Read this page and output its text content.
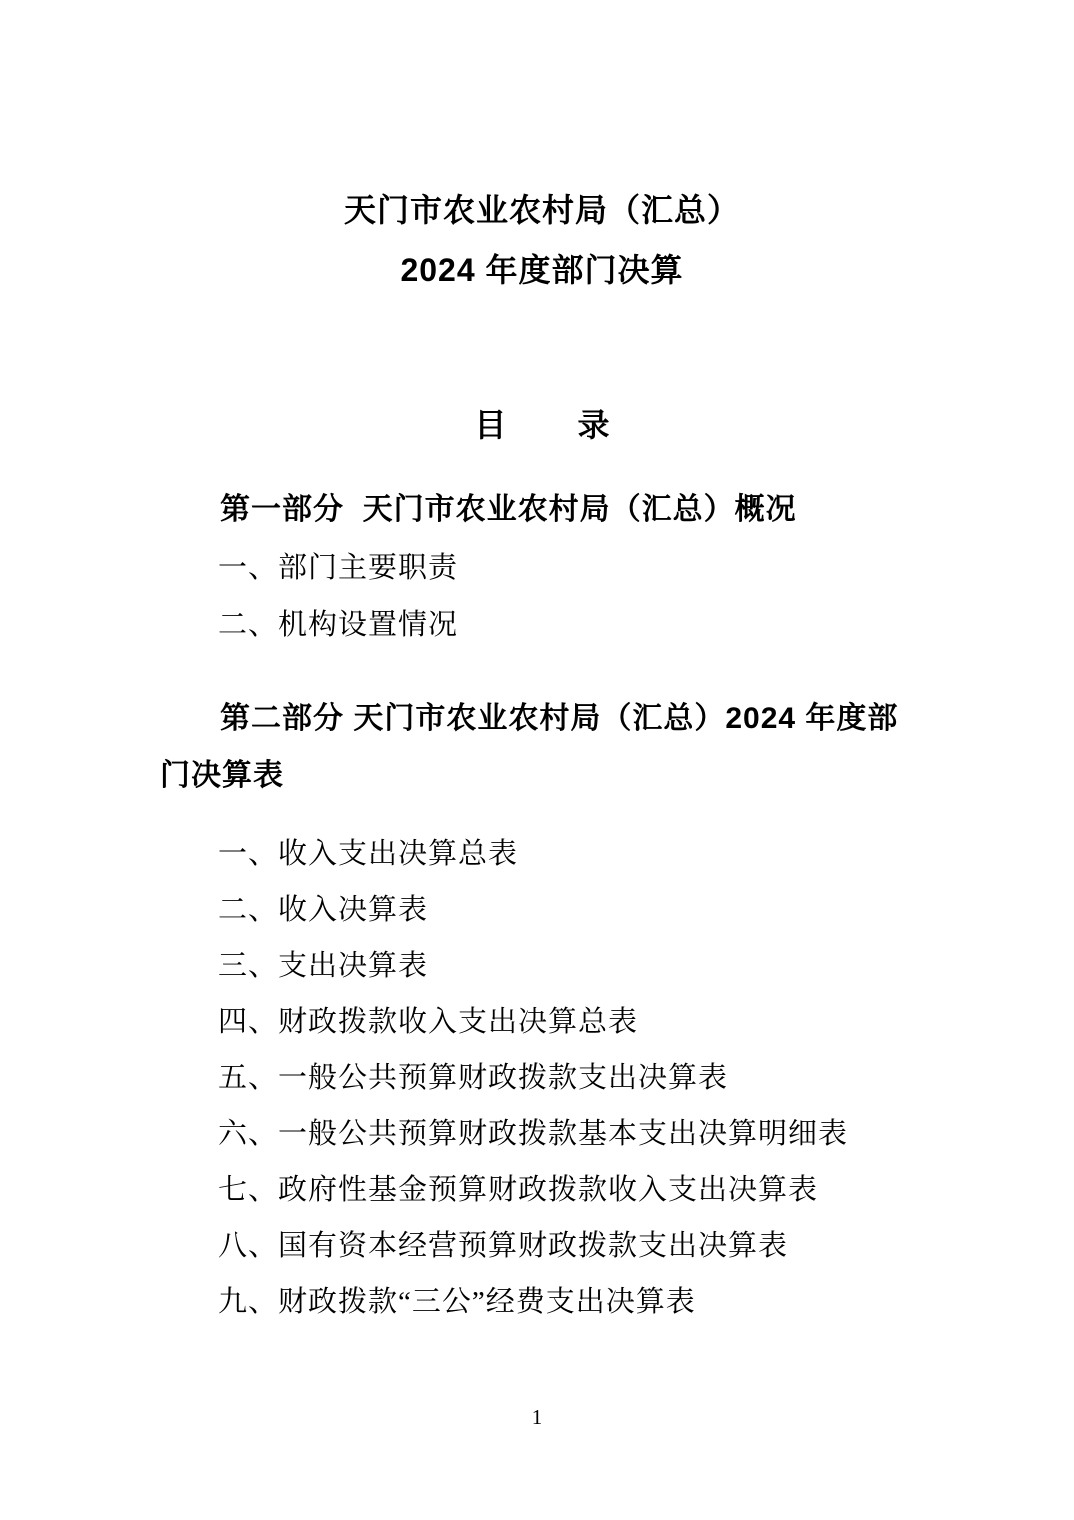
天门市农业农村局（汇总）
2024 年度部门决算
目        录
第一部分  天门市农业农村局（汇总）概况
一、部门主要职责
二、机构设置情况
第二部分 天门市农业农村局（汇总）2024 年度部门决算表
一、收入支出决算总表
二、收入决算表
三、支出决算表
四、财政拨款收入支出决算总表
五、一般公共预算财政拨款支出决算表
六、一般公共预算财政拨款基本支出决算明细表
七、政府性基金预算财政拨款收入支出决算表
八、国有资本经营预算财政拨款支出决算表
九、财政拨款“三公”经费支出决算表
1
